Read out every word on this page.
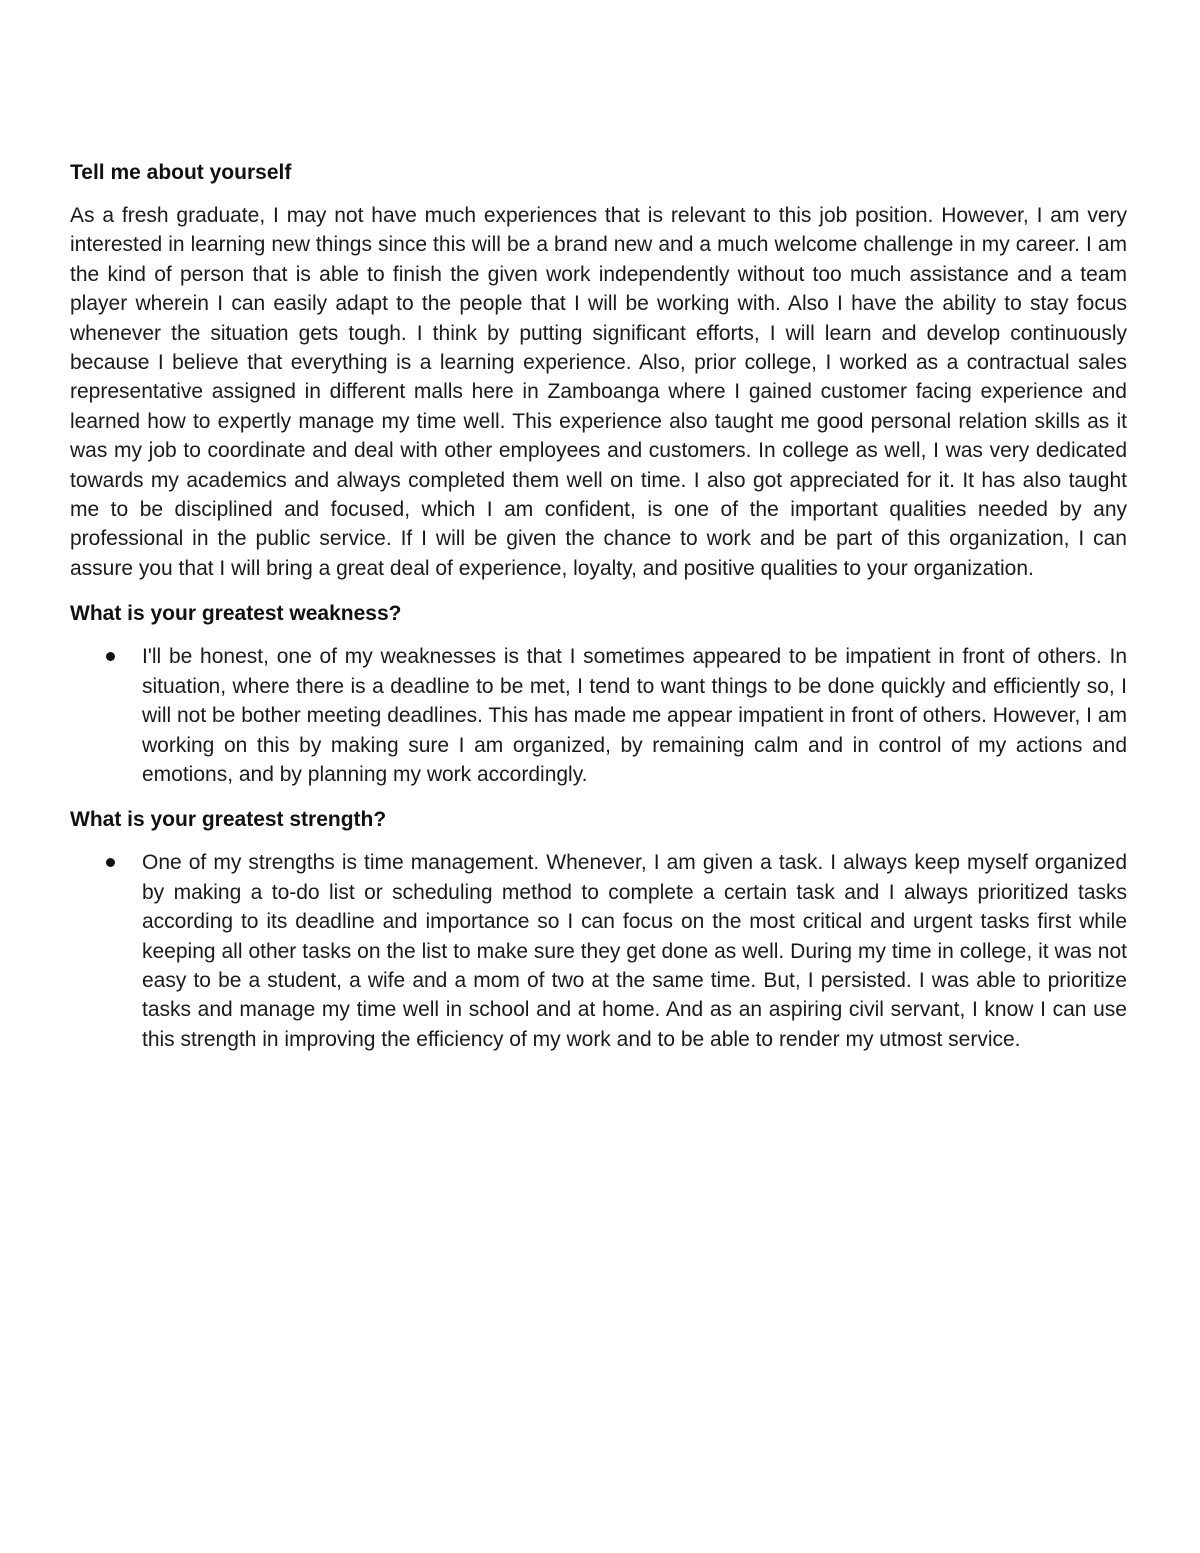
Tell me about yourself

As a fresh graduate, I may not have much experiences that is relevant to this job position. However, I am very interested in learning new things since this will be a brand new and a much welcome challenge in my career. I am the kind of person that is able to finish the given work independently without too much assistance and a team player wherein I can easily adapt to the people that I will be working with. Also I have the ability to stay focus whenever the situation gets tough. I think by putting significant efforts, I will learn and develop continuously because I believe that everything is a learning experience. Also, prior college, I worked as a contractual sales representative assigned in different malls here in Zamboanga where I gained customer facing experience and learned how to expertly manage my time well. This experience also taught me good personal relation skills as it was my job to coordinate and deal with other employees and customers. In college as well, I was very dedicated towards my academics and always completed them well on time. I also got appreciated for it. It has also taught me to be disciplined and focused, which I am confident, is one of the important qualities needed by any professional in the public service. If I will be given the chance to work and be part of this organization, I can assure you that I will bring a great deal of experience, loyalty, and positive qualities to your organization.

What is your greatest weakness?
I'll be honest, one of my weaknesses is that I sometimes appeared to be impatient in front of others. In situation, where there is a deadline to be met, I tend to want things to be done quickly and efficiently so, I will not be bother meeting deadlines. This has made me appear impatient in front of others. However, I am working on this by making sure I am organized, by remaining calm and in control of my actions and emotions, and by planning my work accordingly.
What is your greatest strength?
One of my strengths is time management. Whenever, I am given a task. I always keep myself organized by making a to-do list or scheduling method to complete a certain task and I always prioritized tasks according to its deadline and importance so I can focus on the most critical and urgent tasks first while keeping all other tasks on the list to make sure they get done as well. During my time in college, it was not easy to be a student, a wife and a mom of two at the same time. But, I persisted. I was able to prioritize tasks and manage my time well in school and at home. And as an aspiring civil servant, I know I can use this strength in improving the efficiency of my work and to be able to render my utmost service.
